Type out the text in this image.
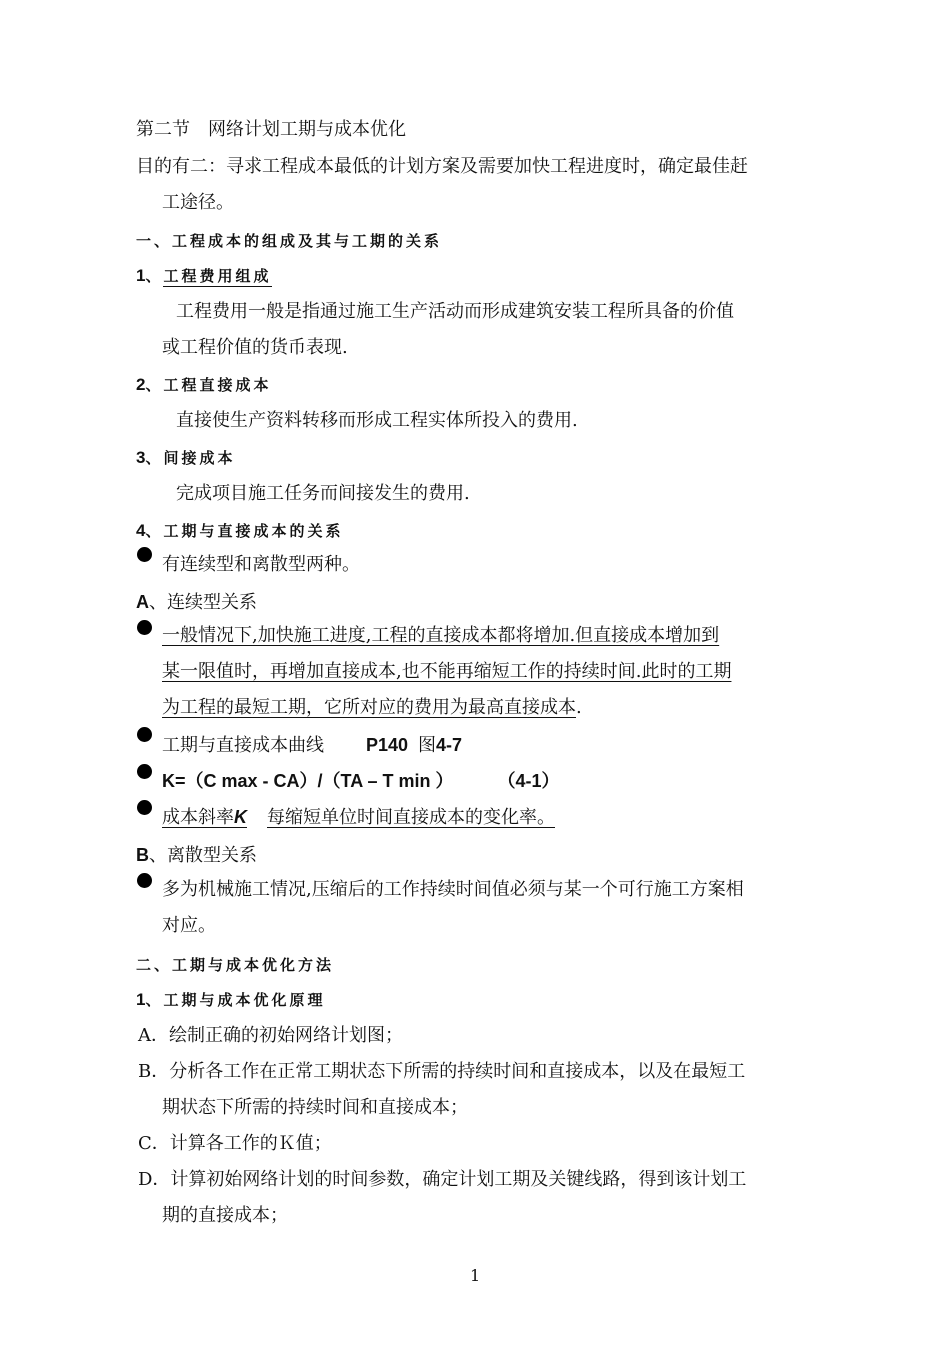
第二节　网络计划工期与成本优化
目的有二：寻求工程成本最低的计划方案及需要加快工程进度时，确定最佳赶
工途径。
一、工程成本的组成及其与工期的关系
1、工程费用组成
工程费用一般是指通过施工生产活动而形成建筑安装工程所具备的价值
或工程价值的货币表现.
2、工程直接成本
直接使生产资料转移而形成工程实体所投入的费用.
3、间接成本
完成项目施工任务而间接发生的费用.
4、工期与直接成本的关系
有连续型和离散型两种。
A、连续型关系
一般情况下,加快施工进度,工程的直接成本都将增加.但直接成本增加到
某一限值时，再增加直接成本,也不能再缩短工作的持续时间.此时的工期
为工程的最短工期，它所对应的费用为最高直接成本.
工期与直接成本曲线 P140 图4-7
K=（C max - CA）/（TA – T min ） （4-1）
成本斜率K 每缩短单位时间直接成本的变化率。
B、离散型关系
多为机械施工情况,压缩后的工作持续时间值必须与某一个可行施工方案相
对应。
二、工期与成本优化方法
1、工期与成本优化原理
A．绘制正确的初始网络计划图；
B．分析各工作在正常工期状态下所需的持续时间和直接成本，以及在最短工
期状态下所需的持续时间和直接成本；
C．计算各工作的Ｋ值；
D．计算初始网络计划的时间参数，确定计划工期及关键线路，得到该计划工
期的直接成本；
1
